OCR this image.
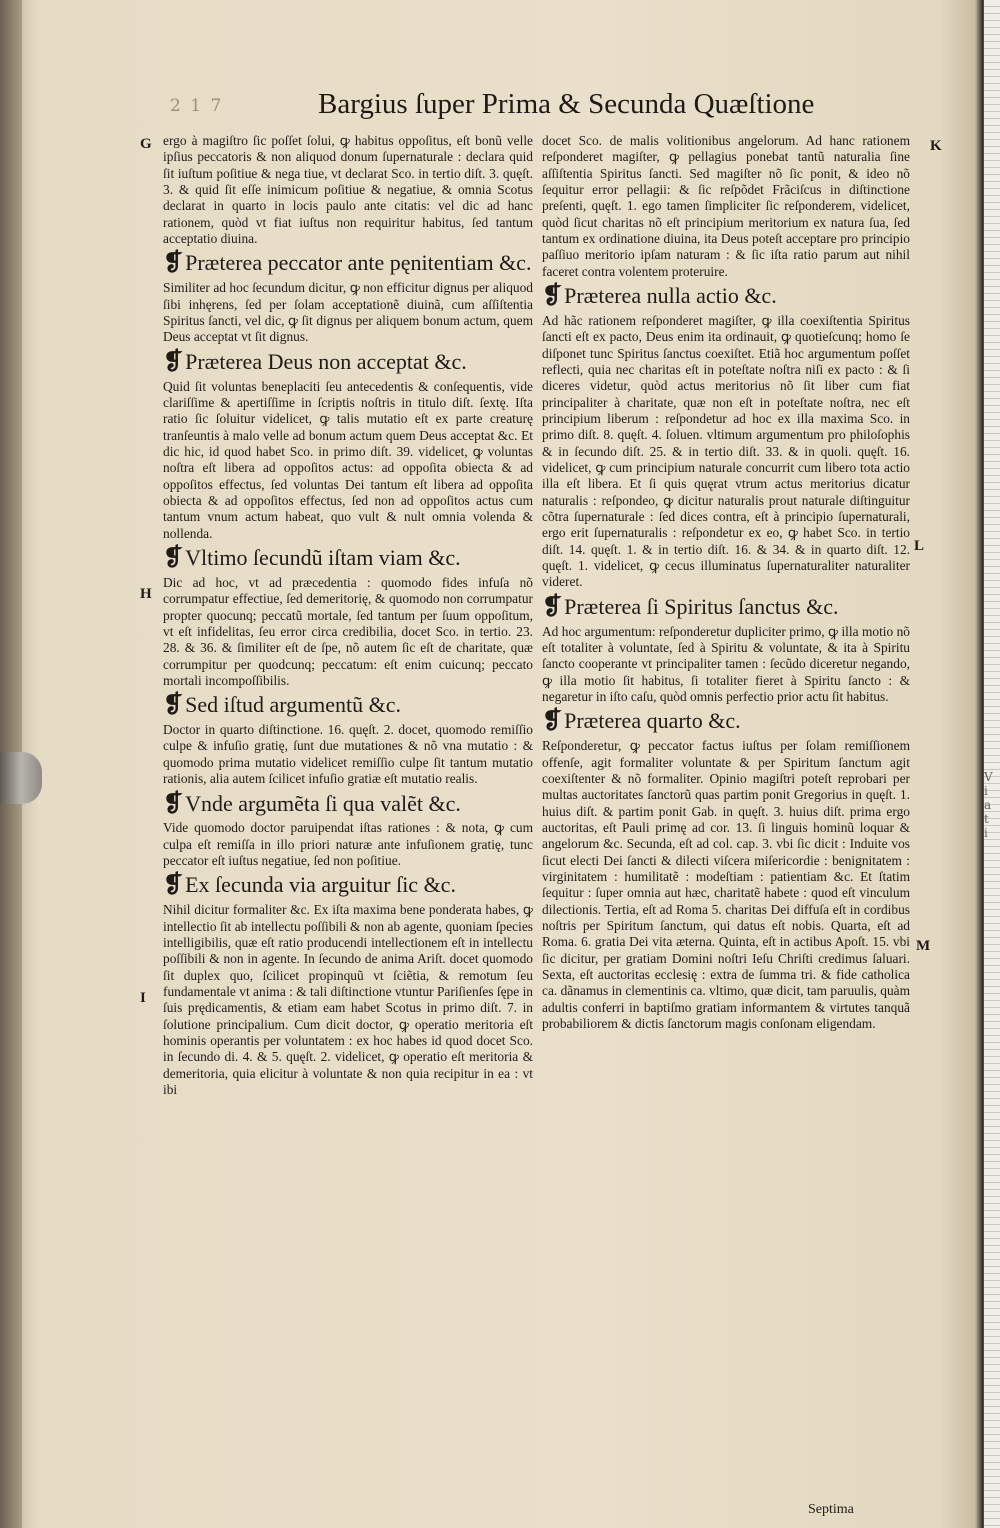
2 1 7	Bargius ſuper Prima & Secunda Quæſtione
G
H
I
K
L
M

ergo à magiſtro ſic poſſet ſolui, ꝙ habitus oppoſitus, eſt bonũ velle ipſius peccatoris & non aliquod donum ſupernaturale : declara quid ſit iuſtum poſitiue & nega tiue, vt declarat Sco. in tertio diſt. 3. quęſt. 3. & quid ſit eſſe inimicum poſitiue & negatiue, & omnia Scotus declarat in quarto in locis paulo ante citatis: vel dic ad hanc rationem, quòd vt fiat iuſtus non requiritur habitus, ſed tantum acceptatio diuina.

❡Præterea peccator ante pęnitentiam &c.

Similiter ad hoc ſecundum dicitur, ꝙ non efficitur dignus per aliquod ſibi inhęrens, ſed per ſolam acceptationẽ diuinã, cum aſſiſtentia Spiritus ſancti, vel dic, ꝙ ſit dignus per aliquem bonum actum, quem Deus acceptat vt ſit dignus.

❡Præterea Deus non acceptat &c.

Quid ſit voluntas beneplaciti ſeu antecedentis & conſequentis, vide clariſſime & apertiſſime in ſcriptis noſtris in titulo diſt. ſextę. Iſta ratio ſic ſoluitur videlicet, ꝙ talis mutatio eſt ex parte creaturę tranſeuntis à malo velle ad bonum actum quem Deus acceptat &c. Et dic hic, id quod habet Sco. in primo diſt. 39. videlicet, ꝙ voluntas noſtra eſt libera ad oppoſitos actus: ad oppoſita obiecta & ad oppoſitos effectus, ſed voluntas Dei tantum eſt libera ad oppoſita obiecta & ad oppoſitos effectus, ſed non ad oppoſitos actus cum tantum vnum actum habeat, quo vult & nult omnia volenda & nollenda.

❡Vltimo ſecundũ iſtam viam &c.

Dic ad hoc, vt ad præcedentia : quomodo fides infuſa nõ corrumpatur effectiue, ſed demeritorię, & quomodo non corrumpatur propter quocunq; peccatũ mortale, ſed tantum per ſuum oppoſitum, vt eſt infidelitas, ſeu error circa credibilia, docet Sco. in tertio. 23. 28. & 36. & ſimiliter eſt de ſpe, nõ autem ſic eſt de charitate, quæ corrumpitur per quodcunq; peccatum: eſt enim cuicunq; peccato mortali incompoſſibilis.

❡Sed iſtud argumentũ &c.

Doctor in quarto diſtinctione. 16. quęſt. 2. docet, quomodo remiſſio culpe & infuſio gratię, ſunt due mutationes & nõ vna mutatio : & quomodo prima mutatio videlicet remiſſio culpe ſit tantum mutatio rationis, alia autem ſcilicet infuſio gratiæ eſt mutatio realis.

❡Vnde argumẽta ſi qua valẽt &c.

Vide quomodo doctor paruipendat iſtas rationes : & nota, ꝙ cum culpa eſt remiſſa in illo priori naturæ ante infuſionem gratię, tunc peccator eſt iuſtus negatiue, ſed non poſitiue.

❡Ex ſecunda via arguitur ſic &c.

Nihil dicitur formaliter &c. Ex iſta maxima bene ponderata habes, ꝙ intellectio ſit ab intellectu poſſibili & non ab agente, quoniam ſpecies intelligibilis, quæ eſt ratio producendi intellectionem eſt in intellectu poſſibili & non in agente. In ſecundo de anima Ariſt. docet quomodo ſit duplex quo, ſcilicet propinquũ vt ſciẽtia, & remotum ſeu fundamentale vt anima : & tali diſtinctione vtuntur Pariſienſes ſępe in ſuis prędicamentis, & etiam eam habet Scotus in primo diſt. 7. in ſolutione principalium. Cum dicit doctor, ꝙ operatio meritoria eſt hominis operantis per voluntatem : ex hoc habes id quod docet Sco. in ſecundo di. 4. & 5. quęſt. 2. videlicet, ꝙ operatio eſt meritoria & demeritoria, quia elicitur à voluntate & non quia recipitur in ea : vt ibi

docet Sco. de malis volitionibus angelorum. Ad hanc rationem reſponderet magiſter, ꝙ pellagius ponebat tantũ naturalia ſine aſſiſtentia Spiritus ſancti. Sed magiſter nõ ſic ponit, & ideo nõ ſequitur error pellagii: & ſic reſpõdet Frãciſcus in diſtinctione preſenti, quęſt. 1. ego tamen ſimpliciter ſic reſponderem, videlicet, quòd ſicut charitas nõ eſt principium meritorium ex natura ſua, ſed tantum ex ordinatione diuina, ita Deus poteſt acceptare pro principio paſſiuo meritorio ipſam naturam : & ſic iſta ratio parum aut nihil faceret contra volentem proteruire.

❡Præterea nulla actio &c.

Ad hãc rationem reſponderet magiſter, ꝙ illa coexiſtentia Spiritus ſancti eſt ex pacto, Deus enim ita ordinauit, ꝙ quotieſcunq; homo ſe diſponet tunc Spiritus ſanctus coexiſtet. Etiã hoc argumentum poſſet reflecti, quia nec charitas eſt in poteſtate noſtra niſi ex pacto : & ſi diceres videtur, quòd actus meritorius nõ ſit liber cum fiat principaliter à charitate, quæ non eſt in poteſtate noſtra, nec eſt principium liberum : reſpondetur ad hoc ex illa maxima Sco. in primo diſt. 8. quęſt. 4. ſoluen. vltimum argumentum pro philoſophis & in ſecundo diſt. 25. & in tertio diſt. 33. & in quoli. quęſt. 16. videlicet, ꝙ cum principium naturale concurrit cum libero tota actio illa eſt libera. Et ſi quis quęrat vtrum actus meritorius dicatur naturalis : reſpondeo, ꝙ dicitur naturalis prout naturale diſtinguitur cõtra ſupernaturale : ſed dices contra, eſt à principio ſupernaturali, ergo erit ſupernaturalis : reſpondetur ex eo, ꝙ habet Sco. in tertio diſt. 14. quęſt. 1. & in tertio diſt. 16. & 34. & in quarto diſt. 12. quęſt. 1. videlicet, ꝙ cecus illuminatus ſupernaturaliter naturaliter videret.

❡Præterea ſi Spiritus ſanctus &c.

Ad hoc argumentum: reſponderetur dupliciter primo, ꝙ illa motio nõ eſt totaliter à voluntate, ſed à Spiritu & voluntate, & ita à Spiritu ſancto cooperante vt principaliter tamen : ſecũdo diceretur negando, ꝙ illa motio ſit habitus, ſi totaliter fieret à Spiritu ſancto : & negaretur in iſto caſu, quòd omnis perfectio prior actu ſit habitus.

❡Præterea quarto &c.

Reſponderetur, ꝙ peccator factus iuſtus per ſolam remiſſionem offenſe, agit formaliter voluntate & per Spiritum ſanctum agit coexiſtenter & nõ formaliter. Opinio magiſtri poteſt reprobari per multas auctoritates ſanctorũ quas partim ponit Gregorius in quęſt. 1. huius diſt. & partim ponit Gab. in quęſt. 3. huius diſt. prima ergo auctoritas, eſt Pauli primę ad cor. 13. ſi linguis hominũ loquar & angelorum &c. Secunda, eſt ad col. cap. 3. vbi ſic dicit : Induite vos ſicut electi Dei ſancti & dilecti viſcera miſericordie : benignitatem : virginitatem : humilitatẽ : modeſtiam : patientiam &c. Et ſtatim ſequitur : ſuper omnia aut hæc, charitatẽ habete : quod eſt vinculum dilectionis. Tertia, eſt ad Roma 5. charitas Dei diffuſa eſt in cordibus noſtris per Spiritum ſanctum, qui datus eſt nobis. Quarta, eſt ad Roma. 6. gratia Dei vita æterna. Quinta, eſt in actibus Apoſt. 15. vbi ſic dicitur, per gratiam Domini noſtri Ieſu Chriſti credimus ſaluari. Sexta, eſt auctoritas ecclesię : extra de ſumma tri. & fide catholica ca. dãnamus in clementinis ca. vltimo, quæ dicit, tam paruulis, quàm adultis conferri in baptiſmo gratiam informantem & virtutes tanquã probabiliorem & dictis ſanctorum magis conſonam eligendam.

Septima
Vi a ti
